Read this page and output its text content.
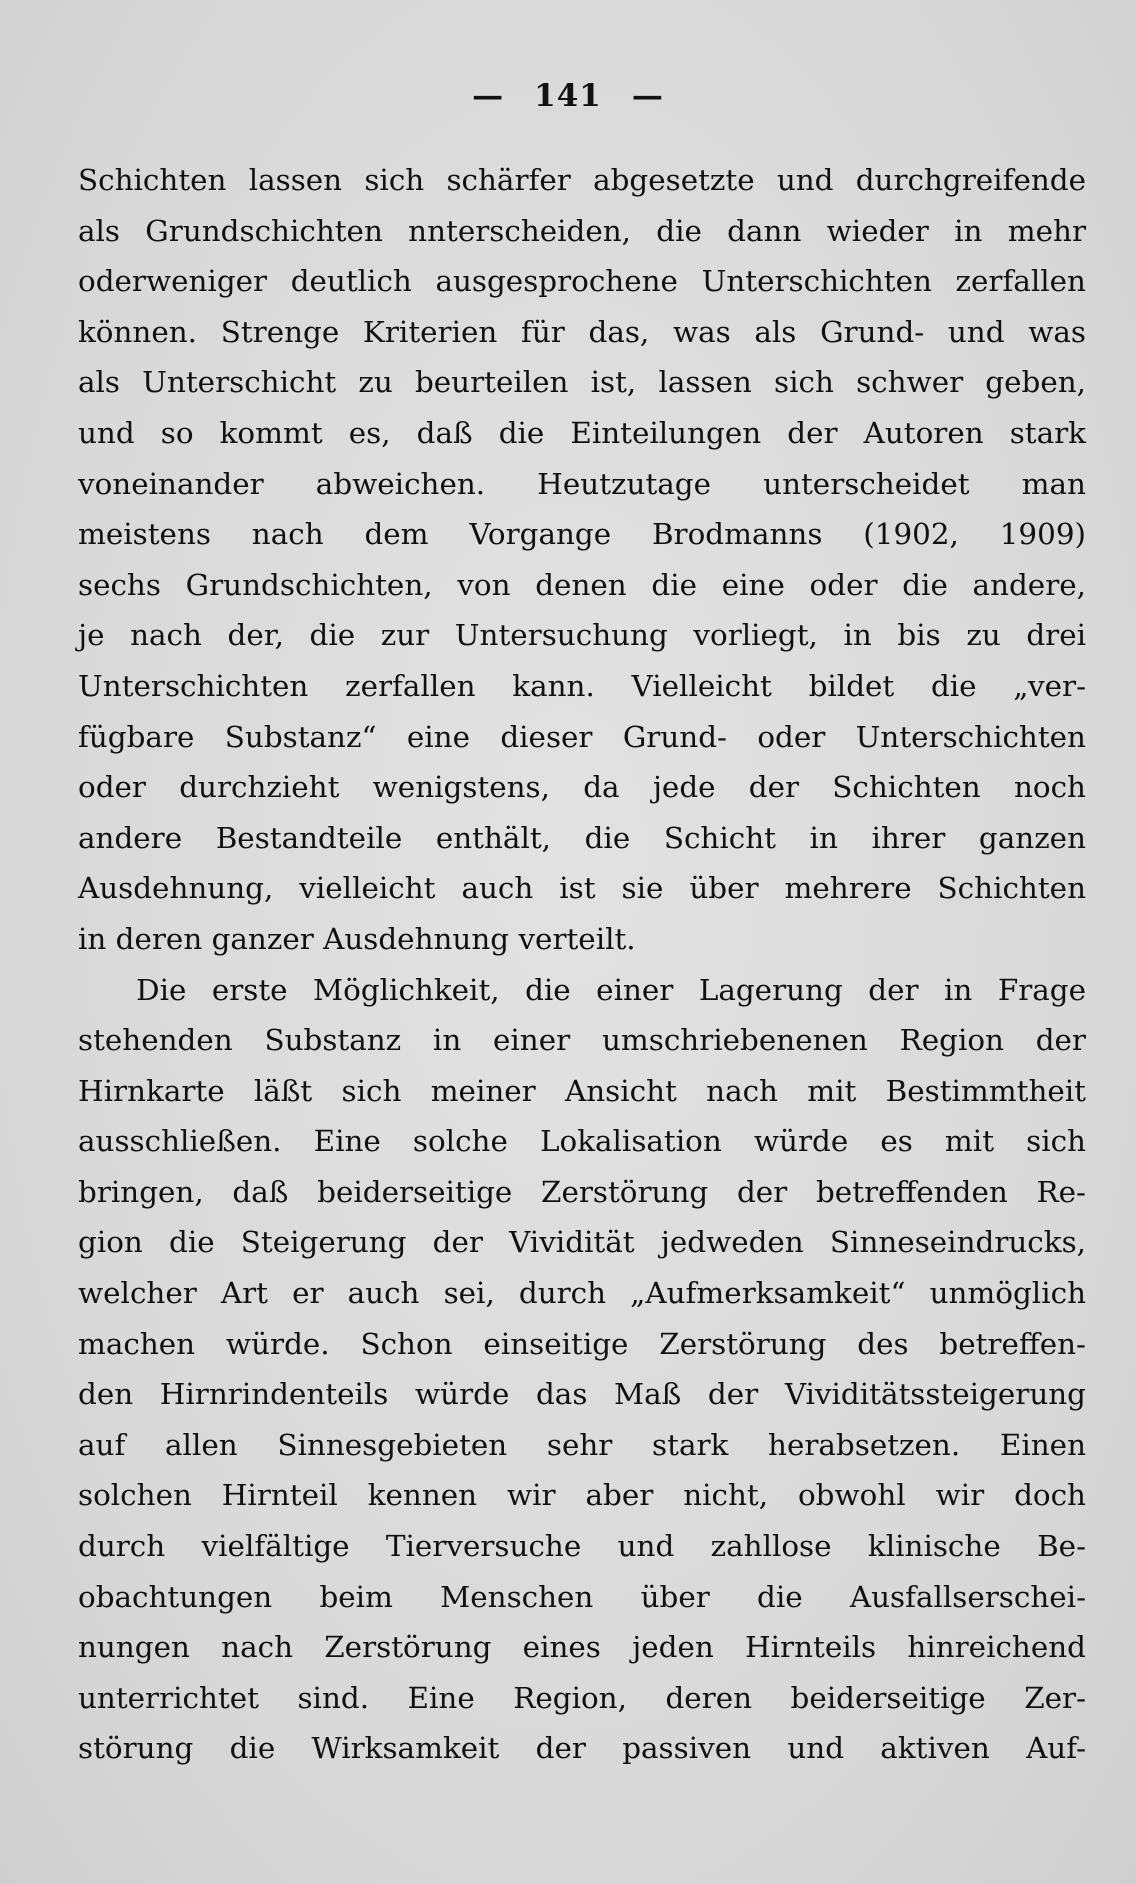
— 141 —
Schichten lassen sich schärfer abgesetzte und durchgreifende
als Grundschichten nnterscheiden, die dann wieder in mehr
oderweniger deutlich ausgesprochene Unterschichten zerfallen
können. Strenge Kriterien für das, was als Grund- und was
als Unterschicht zu beurteilen ist, lassen sich schwer geben,
und so kommt es, daß die Einteilungen der Autoren stark
voneinander abweichen. Heutzutage unterscheidet man
meistens nach dem Vorgange Brodmanns (1902, 1909)
sechs Grundschichten, von denen die eine oder die andere,
je nach der, die zur Untersuchung vorliegt, in bis zu drei
Unterschichten zerfallen kann. Vielleicht bildet die „ver-
fügbare Substanz“ eine dieser Grund- oder Unterschichten
oder durchzieht wenigstens, da jede der Schichten noch
andere Bestandteile enthält, die Schicht in ihrer ganzen
Ausdehnung, vielleicht auch ist sie über mehrere Schichten
in deren ganzer Ausdehnung verteilt.
Die erste Möglichkeit, die einer Lagerung der in Frage
stehenden Substanz in einer umschriebenenen Region der
Hirnkarte läßt sich meiner Ansicht nach mit Bestimmtheit
ausschließen. Eine solche Lokalisation würde es mit sich
bringen, daß beiderseitige Zerstörung der betreffenden Re-
gion die Steigerung der Vividität jedweden Sinneseindrucks,
welcher Art er auch sei, durch „Aufmerksamkeit“ unmöglich
machen würde. Schon einseitige Zerstörung des betreffen-
den Hirnrindenteils würde das Maß der Vividitätssteigerung
auf allen Sinnesgebieten sehr stark herabsetzen. Einen
solchen Hirnteil kennen wir aber nicht, obwohl wir doch
durch vielfältige Tierversuche und zahllose klinische Be-
obachtungen beim Menschen über die Ausfallserschei-
nungen nach Zerstörung eines jeden Hirnteils hinreichend
unterrichtet sind. Eine Region, deren beiderseitige Zer-
störung die Wirksamkeit der passiven und aktiven Auf-
